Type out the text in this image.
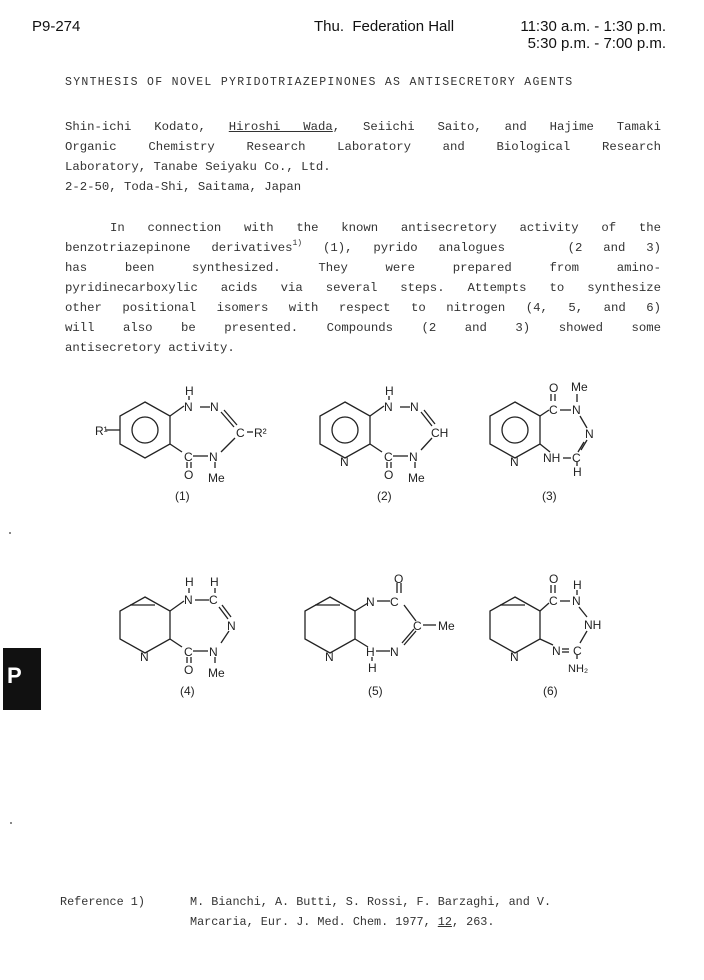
P9-274	Thu.  Federation Hall	11:30 a.m. - 1:30 p.m.
5:30 p.m. - 7:00 p.m.
SYNTHESIS OF NOVEL PYRIDOTRIAZEPINONES AS ANTISECRETORY AGENTS
Shin-ichi Kodato, Hiroshi Wada, Seiichi Saito, and Hajime Tamaki
Organic Chemistry Research Laboratory and Biological Research
Laboratory, Tanabe Seiyaku Co., Ltd.
2-2-50, Toda-Shi, Saitama, Japan
In connection with the known antisecretory activity of the
benzotriazepinone derivatives$^{1)}$ (1), pyrido analogues   (2 and 3)
has been synthesized. They were prepared from amino-
pyridinecarboxylic acids via several steps. Attempts to synthesize
other positional isomers with respect to nitrogen (4, 5, and 6)
will also be presented. Compounds (2 and 3) showed some
antisecretory activity.
R¹
H
N N
C R²
C N
O Me
(1)
H
N N
CH
N	C N
O Me
(2)
O Me
C N
N
N NH C
H
(3)
H H
N C
N
N	C N
O Me
(4)
O
N C
C Me
N	H N
H
(5)
O H
C N
NH
N	N C
NH₂
(6)
P
Reference 1)	M. Bianchi, A. Butti, S. Rossi, F. Barzaghi, and V.
Marcaria, Eur. J. Med. Chem. 1977, 12, 263.
